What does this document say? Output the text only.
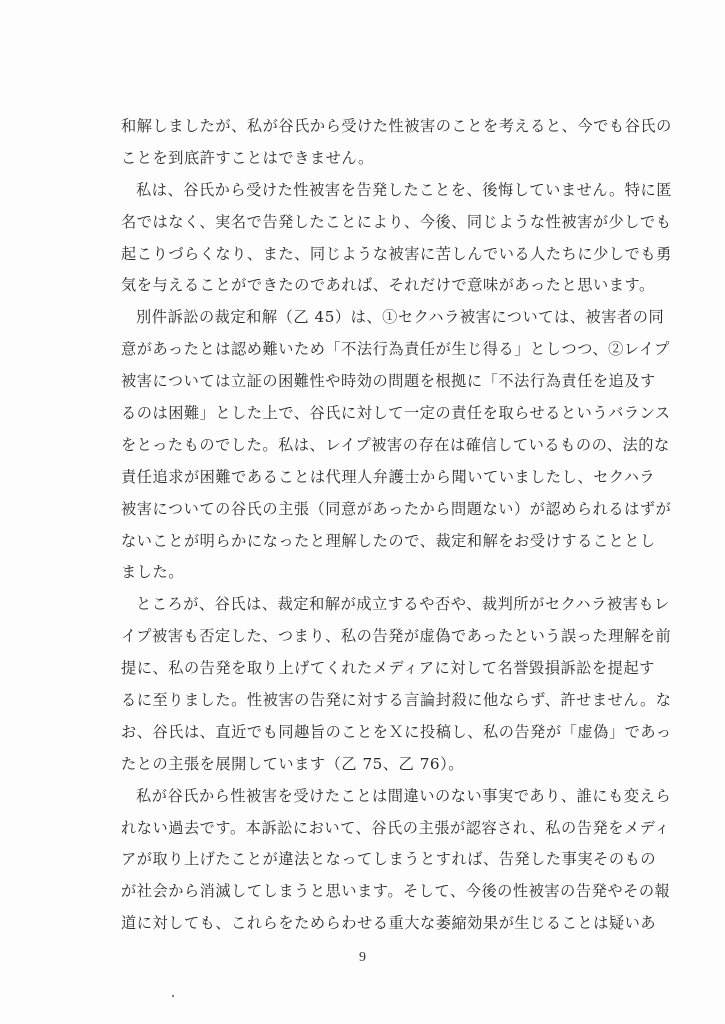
和解しましたが、私が谷氏から受けた性被害のことを考えると、今でも谷氏の
ことを到底許すことはできません。
私は、谷氏から受けた性被害を告発したことを、後悔していません。特に匿
名ではなく、実名で告発したことにより、今後、同じような性被害が少しでも
起こりづらくなり、また、同じような被害に苦しんでいる人たちに少しでも勇
気を与えることができたのであれば、それだけで意味があったと思います。
別件訴訟の裁定和解（乙 45）は、①セクハラ被害については、被害者の同
意があったとは認め難いため「不法行為責任が生じ得る」としつつ、②レイプ
被害については立証の困難性や時効の問題を根拠に「不法行為責任を追及す
るのは困難」とした上で、谷氏に対して一定の責任を取らせるというバランス
をとったものでした。私は、レイプ被害の存在は確信しているものの、法的な
責任追求が困難であることは代理人弁護士から聞いていましたし、セクハラ
被害についての谷氏の主張（同意があったから問題ない）が認められるはずが
ないことが明らかになったと理解したので、裁定和解をお受けすることとし
ました。
ところが、谷氏は、裁定和解が成立するや否や、裁判所がセクハラ被害もレ
イプ被害も否定した、つまり、私の告発が虚偽であったという誤った理解を前
提に、私の告発を取り上げてくれたメディアに対して名誉毀損訴訟を提起す
るに至りました。性被害の告発に対する言論封殺に他ならず、許せません。な
お、谷氏は、直近でも同趣旨のことをＸに投稿し、私の告発が「虚偽」であっ
たとの主張を展開しています（乙 75、乙 76）。
私が谷氏から性被害を受けたことは間違いのない事実であり、誰にも変えら
れない過去です。本訴訟において、谷氏の主張が認容され、私の告発をメディ
アが取り上げたことが違法となってしまうとすれば、告発した事実そのもの
が社会から消滅してしまうと思います。そして、今後の性被害の告発やその報
道に対しても、これらをためらわせる重大な萎縮効果が生じることは疑いあ
9
